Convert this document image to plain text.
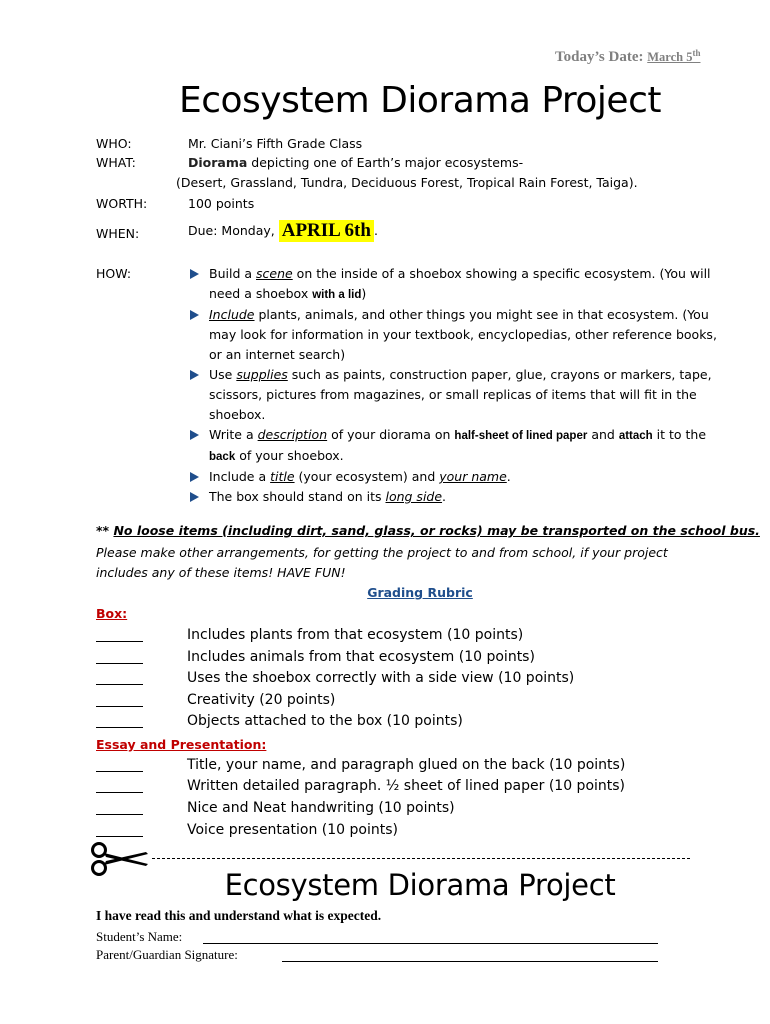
Today’s Date: March 5th
Ecosystem Diorama Project
WHO:	Mr. Ciani’s Fifth Grade Class
WHAT:	Diorama depicting one of Earth’s major ecosystems-
(Desert, Grassland, Tundra, Deciduous Forest, Tropical Rain Forest, Taiga).
WORTH:	100 points
WHEN:	Due: Monday, APRIL 6th .
HOW:	Build a scene on the inside of a shoebox showing a specific ecosystem. (You will need a shoebox with a lid)
Include plants, animals, and other things you might see in that ecosystem. (You may look for information in your textbook, encyclopedias, other reference books, or an internet search)
Use supplies such as paints, construction paper, glue, crayons or markers, tape, scissors, pictures from magazines, or small replicas of items that will fit in the shoebox.
Write a description of your diorama on half-sheet of lined paper and attach it to the back of your shoebox.
Include a title (your ecosystem) and your name.
The box should stand on its long side.
** No loose items (including dirt, sand, glass, or rocks) may be transported on the school bus.
Please make other arrangements, for getting the project to and from school, if your project includes any of these items! HAVE FUN!
Grading Rubric
Box:
Includes plants from that ecosystem (10 points)
Includes animals from that ecosystem (10 points)
Uses the shoebox correctly with a side view (10 points)
Creativity (20 points)
Objects attached to the box (10 points)
Essay and Presentation:
Title, your name, and paragraph glued on the back (10 points)
Written detailed paragraph. ½ sheet of lined paper (10 points)
Nice and Neat handwriting (10 points)
Voice presentation (10 points)
Ecosystem Diorama Project
I have read this and understand what is expected.
Student’s Name:
Parent/Guardian Signature:
